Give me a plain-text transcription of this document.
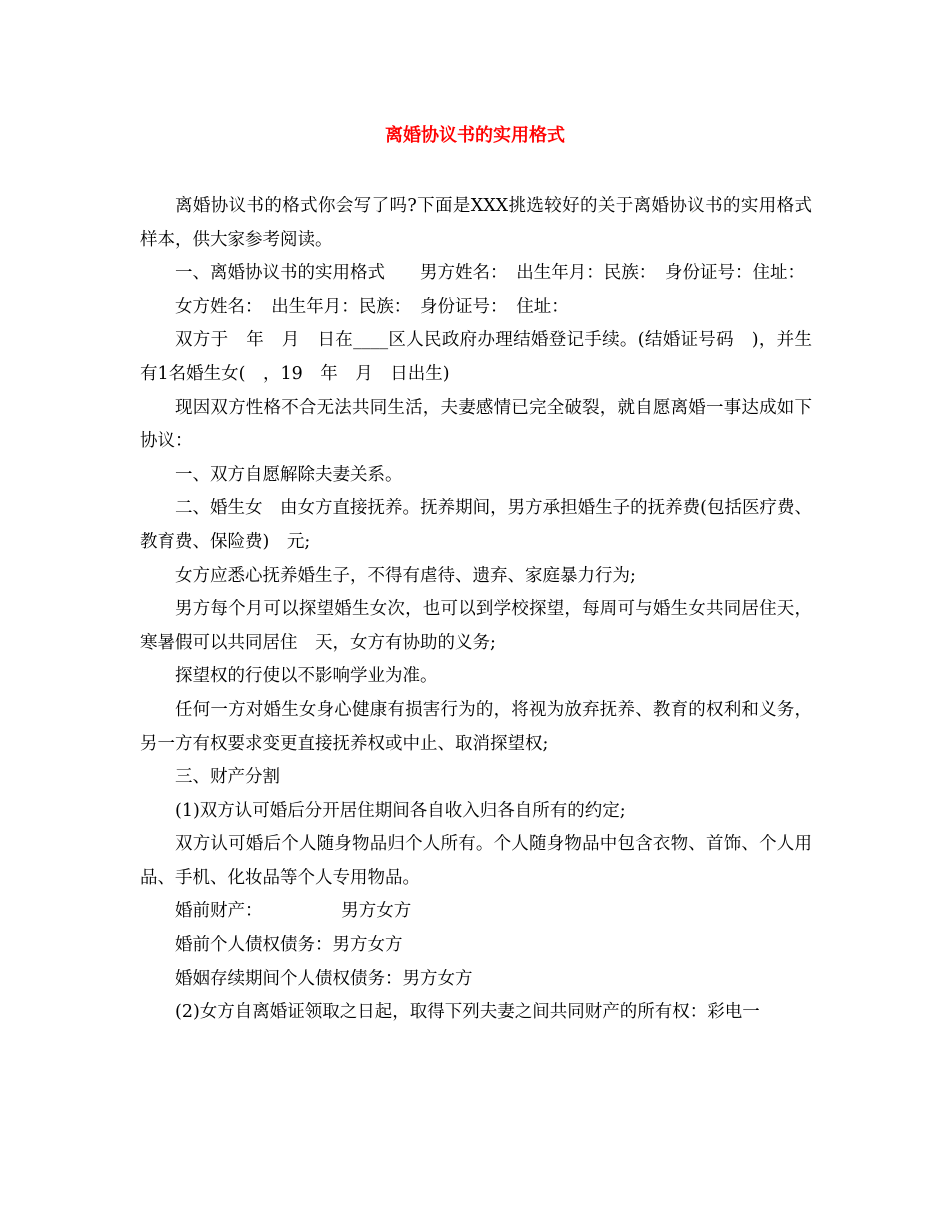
离婚协议书的实用格式

离婚协议书的格式你会写了吗?下面是XXX挑选较好的关于离婚协议书的实用格式样本，供大家参考阅读。

一、离婚协议书的实用格式　　男方姓名：　出生年月：民族：　身份证号：住址：

女方姓名：　出生年月：民族：　身份证号：　住址：

双方于　年　月　日在____区人民政府办理结婚登记手续。(结婚证号码　)，并生有1名婚生女(　，19　年　月　日出生)

现因双方性格不合无法共同生活，夫妻感情已完全破裂，就自愿离婚一事达成如下协议：

一、双方自愿解除夫妻关系。

二、婚生女　由女方直接抚养。抚养期间，男方承担婚生子的抚养费(包括医疗费、教育费、保险费)　元;

女方应悉心抚养婚生子，不得有虐待、遗弃、家庭暴力行为;

男方每个月可以探望婚生女次，也可以到学校探望，每周可与婚生女共同居住天，寒暑假可以共同居住　天，女方有协助的义务;

探望权的行使以不影响学业为准。

任何一方对婚生女身心健康有损害行为的，将视为放弃抚养、教育的权利和义务，另一方有权要求变更直接抚养权或中止、取消探望权;

三、财产分割

(1)双方认可婚后分开居住期间各自收入归各自所有的约定;

双方认可婚后个人随身物品归个人所有。个人随身物品中包含衣物、首饰、个人用品、手机、化妆品等个人专用物品。

婚前财产：　　　　　男方女方

婚前个人债权债务：男方女方

婚姻存续期间个人债权债务：男方女方

(2)女方自离婚证领取之日起，取得下列夫妻之间共同财产的所有权：彩电一
